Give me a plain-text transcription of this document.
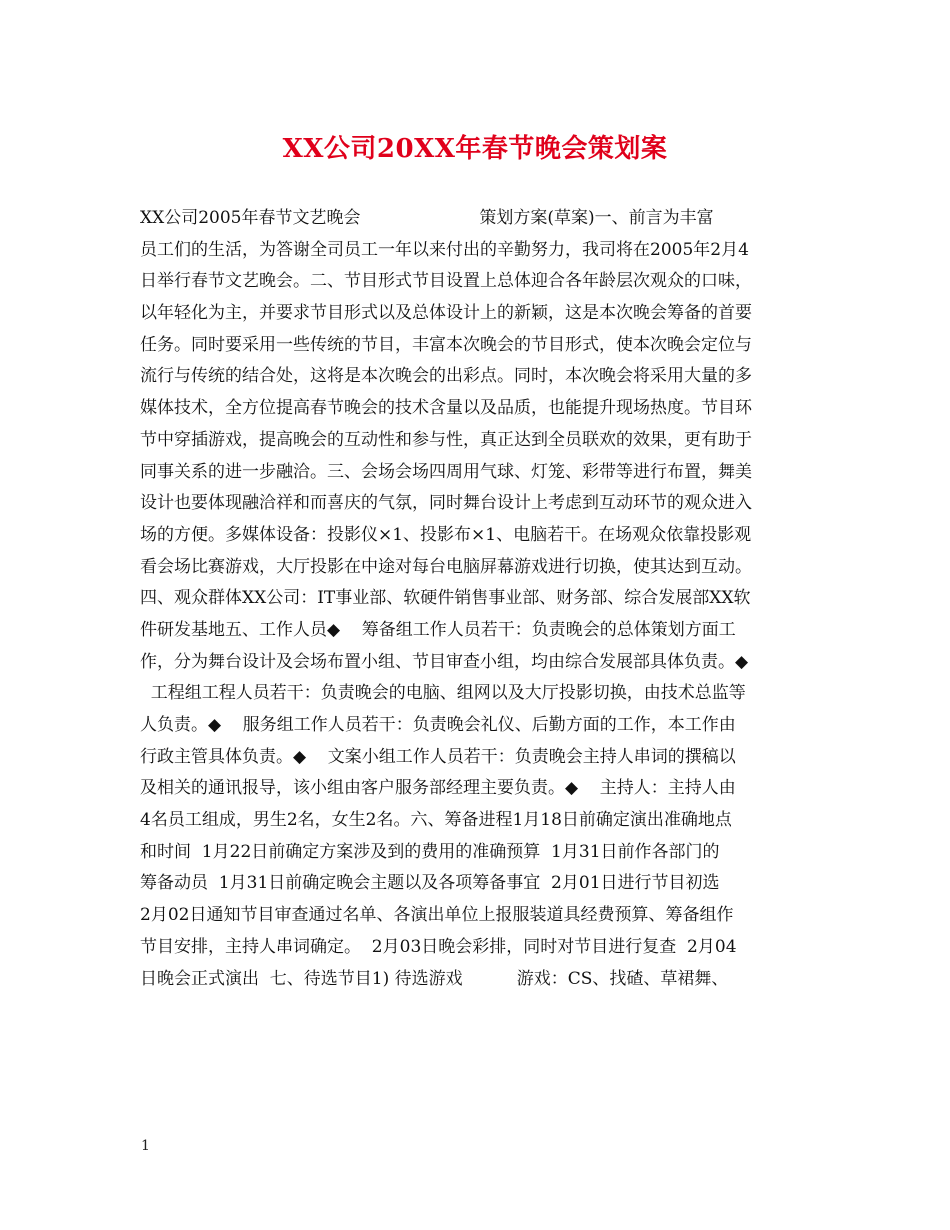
XX公司20XX年春节晚会策划案
XX公司2005年春节文艺晚会                      策划方案(草案)一、前言为丰富
员工们的生活，为答谢全司员工一年以来付出的辛勤努力，我司将在2005年2月4
日举行春节文艺晚会。二、节目形式节目设置上总体迎合各年龄层次观众的口味，
以年轻化为主，并要求节目形式以及总体设计上的新颖，这是本次晚会筹备的首要
任务。同时要采用一些传统的节目，丰富本次晚会的节目形式，使本次晚会定位与
流行与传统的结合处，这将是本次晚会的出彩点。同时，本次晚会将采用大量的多
媒体技术，全方位提高春节晚会的技术含量以及品质，也能提升现场热度。节目环
节中穿插游戏，提高晚会的互动性和参与性，真正达到全员联欢的效果，更有助于
同事关系的进一步融洽。三、会场会场四周用气球、灯笼、彩带等进行布置，舞美
设计也要体现融洽祥和而喜庆的气氛，同时舞台设计上考虑到互动环节的观众进入
场的方便。多媒体设备：投影仪×1、投影布×1、电脑若干。在场观众依靠投影观
看会场比赛游戏，大厅投影在中途对每台电脑屏幕游戏进行切换，使其达到互动。
四、观众群体XX公司：IT事业部、软硬件销售事业部、财务部、综合发展部XX软
件研发基地五、工作人员◆    筹备组工作人员若干：负责晚会的总体策划方面工
作，分为舞台设计及会场布置小组、节目审查小组，均由综合发展部具体负责。◆
工程组工程人员若干：负责晚会的电脑、组网以及大厅投影切换，由技术总监等
人负责。◆    服务组工作人员若干：负责晚会礼仪、后勤方面的工作，本工作由
行政主管具体负责。◆    文案小组工作人员若干：负责晚会主持人串词的撰稿以
及相关的通讯报导，该小组由客户服务部经理主要负责。◆    主持人：主持人由
4名员工组成，男生2名，女生2名。六、筹备进程1月18日前确定演出准确地点
和时间  1月22日前确定方案涉及到的费用的准确预算  1月31日前作各部门的
筹备动员  1月31日前确定晚会主题以及各项筹备事宜  2月01日进行节目初选
2月02日通知节目审查通过名单、各演出单位上报服装道具经费预算、筹备组作
节目安排，主持人串词确定。  2月03日晚会彩排，同时对节目进行复查  2月04
日晚会正式演出  七、待选节目1) 待选游戏          游戏：CS、找碴、草裙舞、
1
